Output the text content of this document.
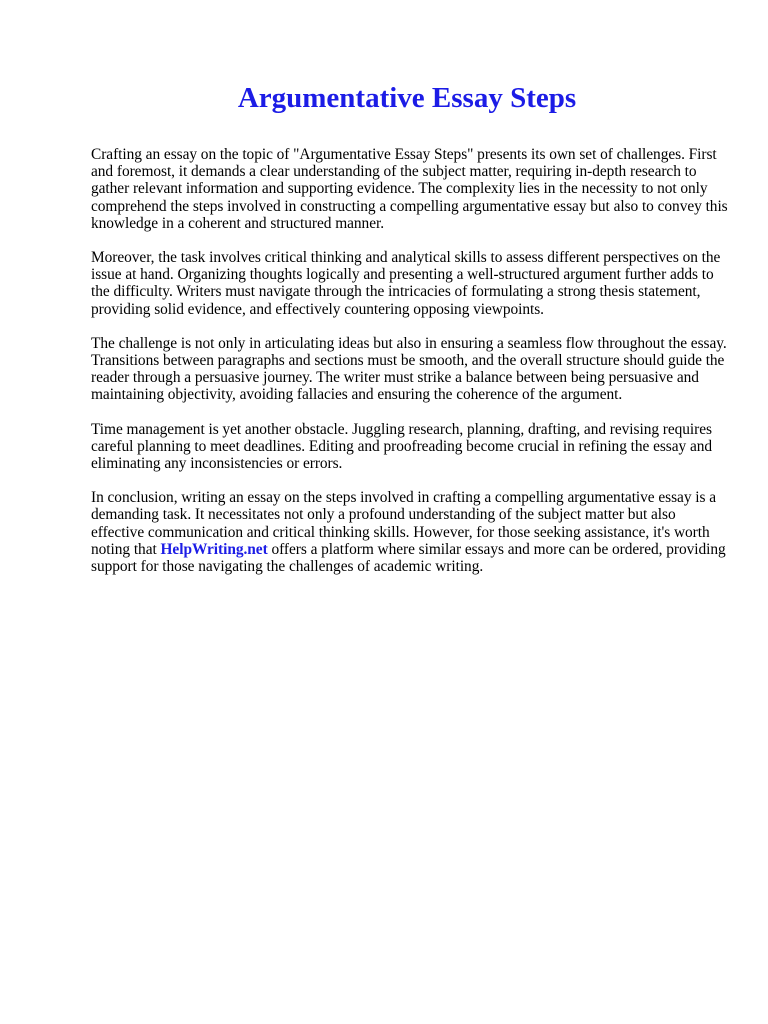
Argumentative Essay Steps

Crafting an essay on the topic of "Argumentative Essay Steps" presents its own set of challenges. First and foremost, it demands a clear understanding of the subject matter, requiring in-depth research to gather relevant information and supporting evidence. The complexity lies in the necessity to not only comprehend the steps involved in constructing a compelling argumentative essay but also to convey this knowledge in a coherent and structured manner.

Moreover, the task involves critical thinking and analytical skills to assess different perspectives on the issue at hand. Organizing thoughts logically and presenting a well-structured argument further adds to the difficulty. Writers must navigate through the intricacies of formulating a strong thesis statement, providing solid evidence, and effectively countering opposing viewpoints.

The challenge is not only in articulating ideas but also in ensuring a seamless flow throughout the essay. Transitions between paragraphs and sections must be smooth, and the overall structure should guide the reader through a persuasive journey. The writer must strike a balance between being persuasive and maintaining objectivity, avoiding fallacies and ensuring the coherence of the argument.

Time management is yet another obstacle. Juggling research, planning, drafting, and revising requires careful planning to meet deadlines. Editing and proofreading become crucial in refining the essay and eliminating any inconsistencies or errors.

In conclusion, writing an essay on the steps involved in crafting a compelling argumentative essay is a demanding task. It necessitates not only a profound understanding of the subject matter but also effective communication and critical thinking skills. However, for those seeking assistance, it's worth noting that HelpWriting.net offers a platform where similar essays and more can be ordered, providing support for those navigating the challenges of academic writing.
